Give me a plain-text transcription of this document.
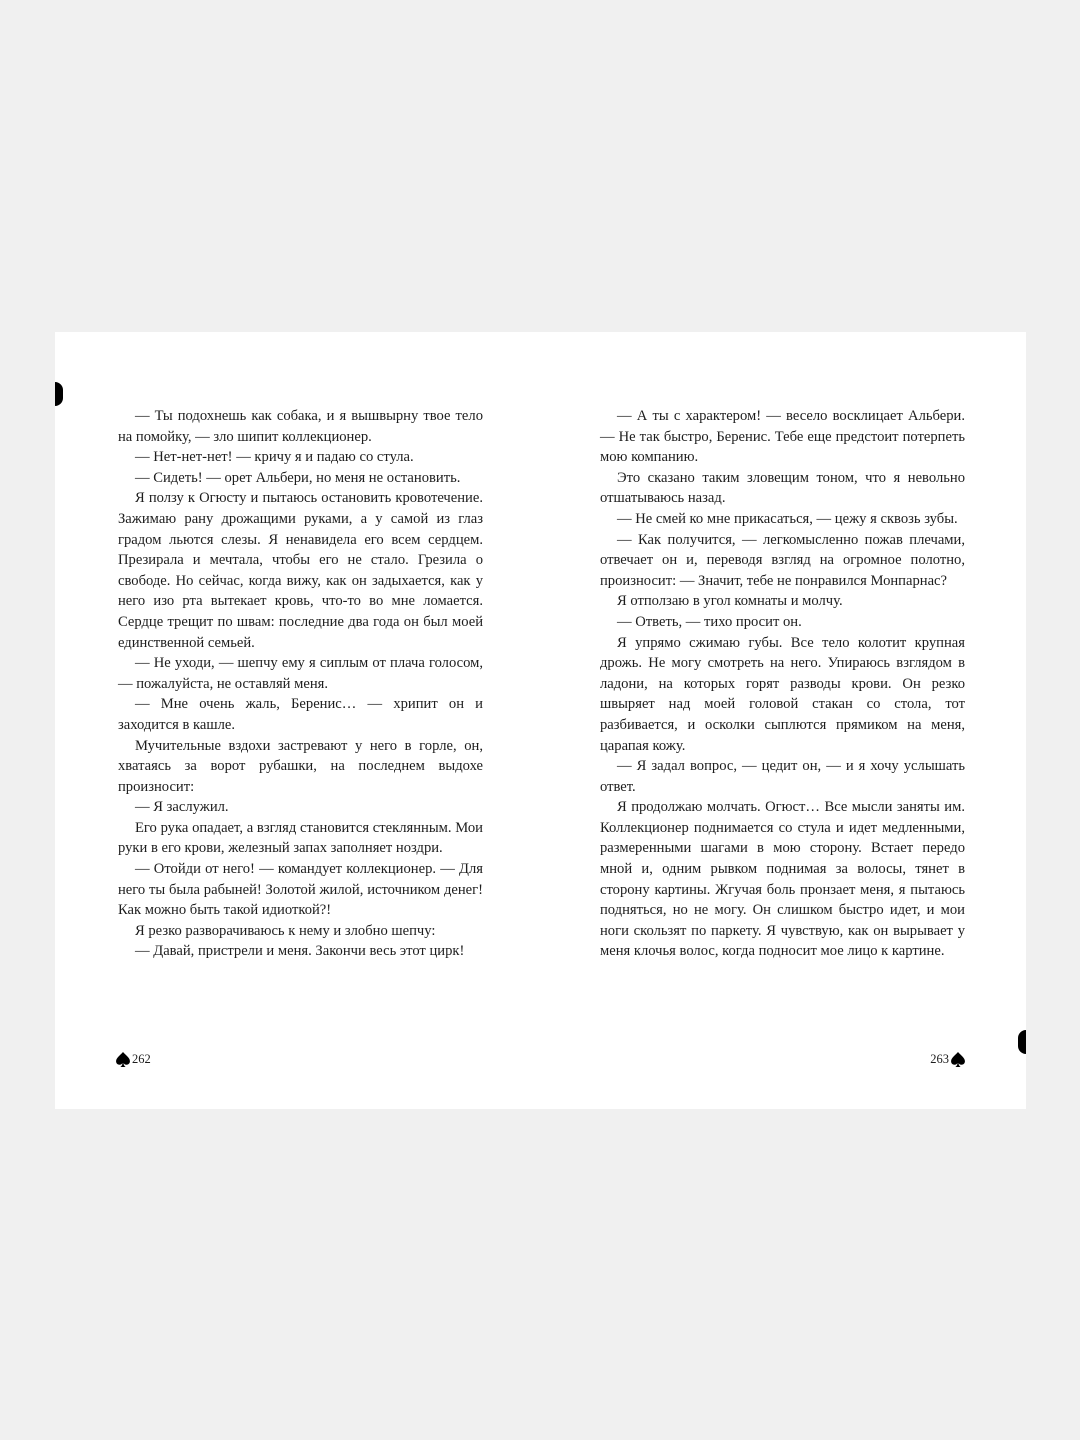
— Ты подохнешь как собака, и я вышвырну твое тело на помойку, — зло шипит коллекционер.

— Нет-нет-нет! — кричу я и падаю со стула.

— Сидеть! — орет Альбери, но меня не остановить.

Я ползу к Огюсту и пытаюсь остановить кровотечение. Зажимаю рану дрожащими руками, а у самой из глаз градом льются слезы. Я ненавидела его всем сердцем. Презирала и мечтала, чтобы его не стало. Грезила о свободе. Но сейчас, когда вижу, как он задыхается, как у него изо рта вытекает кровь, что-то во мне ломается. Сердце трещит по швам: последние два года он был моей единственной семьей.

— Не уходи, — шепчу ему я сиплым от плача голосом, — пожалуйста, не оставляй меня.

— Мне очень жаль, Беренис… — хрипит он и заходится в кашле.

Мучительные вздохи застревают у него в горле, он, хватаясь за ворот рубашки, на последнем выдохе произносит:

— Я заслужил.

Его рука опадает, а взгляд становится стеклянным. Мои руки в его крови, железный запах заполняет ноздри.

— Отойди от него! — командует коллекционер. — Для него ты была рабыней! Золотой жилой, источником денег! Как можно быть такой идиоткой?!

Я резко разворачиваюсь к нему и злобно шепчу:

— Давай, пристрели и меня. Закончи весь этот цирк!

262

— А ты с характером! — весело восклицает Альбери. — Не так быстро, Беренис. Тебе еще предстоит потерпеть мою компанию.

Это сказано таким зловещим тоном, что я невольно отшатываюсь назад.

— Не смей ко мне прикасаться, — цежу я сквозь зубы.

— Как получится, — легкомысленно пожав плечами, отвечает он и, переводя взгляд на огромное полотно, произносит: — Значит, тебе не понравился Монпарнас?

Я отползаю в угол комнаты и молчу.

— Ответь, — тихо просит он.

Я упрямо сжимаю губы. Все тело колотит крупная дрожь. Не могу смотреть на него. Упираюсь взглядом в ладони, на которых горят разводы крови. Он резко швыряет над моей головой стакан со стола, тот разбивается, и осколки сыплются прямиком на меня, царапая кожу.

— Я задал вопрос, — цедит он, — и я хочу услышать ответ.

Я продолжаю молчать. Огюст… Все мысли заняты им. Коллекционер поднимается со стула и идет медленными, размеренными шагами в мою сторону. Встает передо мной и, одним рывком поднимая за волосы, тянет в сторону картины. Жгучая боль пронзает меня, я пытаюсь подняться, но не могу. Он слишком быстро идет, и мои ноги скользят по паркету. Я чувствую, как он вырывает у меня клочья волос, когда подносит мое лицо к картине.

263
